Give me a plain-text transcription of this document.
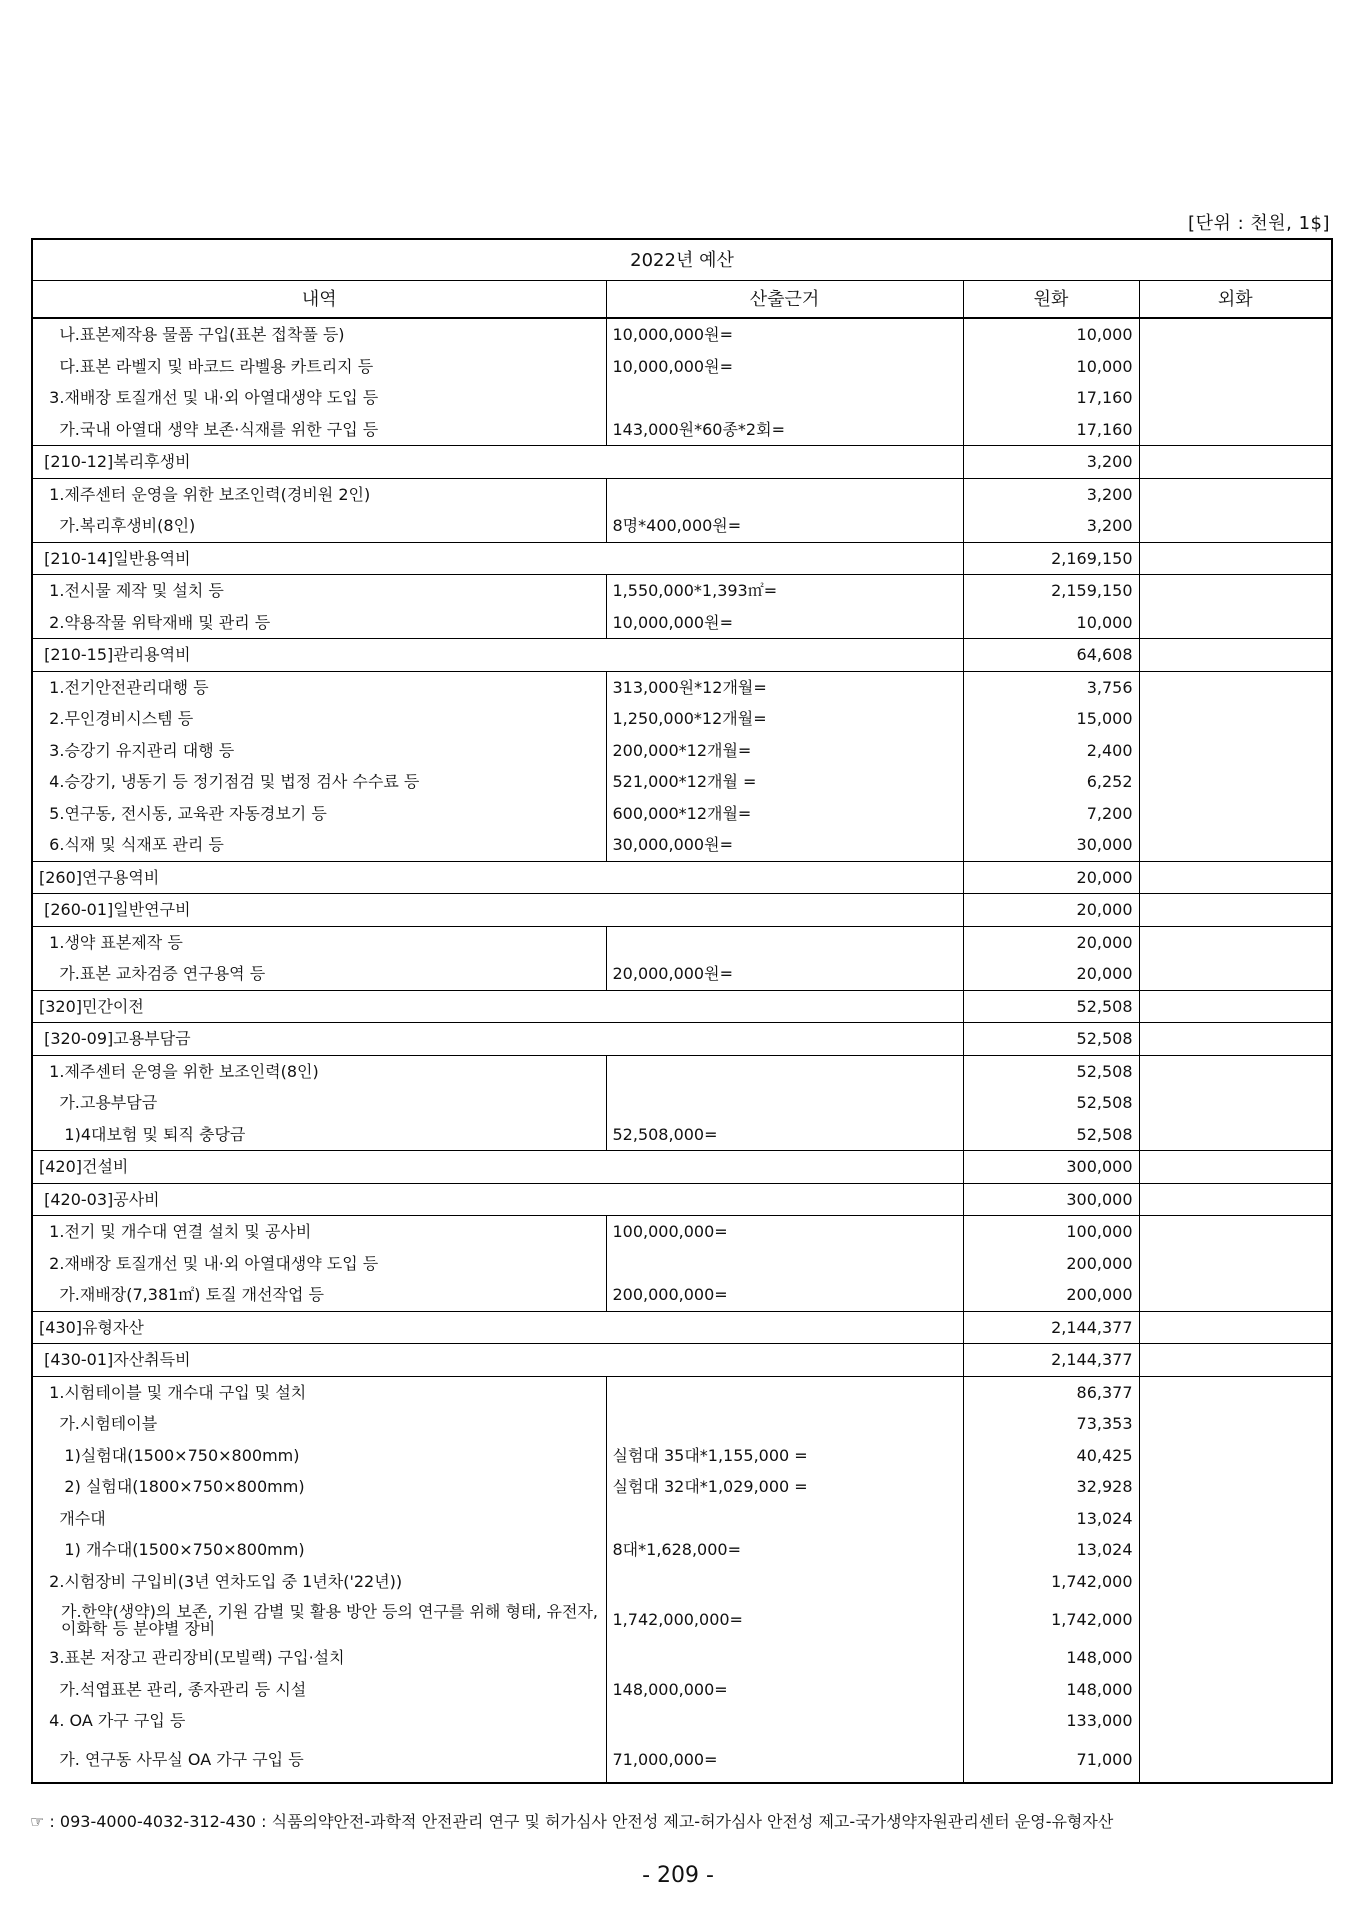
[단위 : 천원, 1$]
2022년 예산			
내역	산출근거	원화	외화
나.표본제작용 물품 구입(표본 접착풀 등)	10,000,000원=	10,000	
다.표본 라벨지 및 바코드 라벨용 카트리지 등	10,000,000원=	10,000	
3.재배장 토질개선 및 내·외 아열대생약 도입 등		17,160	
가.국내 아열대 생약 보존·식재를 위한 구입 등	143,000원*60종*2회=	17,160	
[210-12]복리후생비		3,200	
1.제주센터 운영을 위한 보조인력(경비원 2인)		3,200	
가.복리후생비(8인)	8명*400,000원=	3,200	
[210-14]일반용역비		2,169,150	
1.전시물 제작 및 설치 등	1,550,000*1,393㎡=	2,159,150	
2.약용작물 위탁재배 및 관리 등	10,000,000원=	10,000	
[210-15]관리용역비		64,608	
1.전기안전관리대행 등	313,000원*12개월=	3,756	
2.무인경비시스템 등	1,250,000*12개월=	15,000	
3.승강기 유지관리 대행 등	200,000*12개월=	2,400	
4.승강기, 냉동기 등 정기점검 및 법정 검사 수수료 등	521,000*12개월 =	6,252	
5.연구동, 전시동, 교육관 자동경보기 등	600,000*12개월=	7,200	
6.식재 및 식재포 관리 등	30,000,000원=	30,000	
[260]연구용역비		20,000	
[260-01]일반연구비		20,000	
1.생약 표본제작 등		20,000	
가.표본 교차검증 연구용역 등	20,000,000원=	20,000	
[320]민간이전		52,508	
[320-09]고용부담금		52,508	
1.제주센터 운영을 위한 보조인력(8인)		52,508	
가.고용부담금		52,508	
1)4대보험 및 퇴직 충당금	52,508,000=	52,508	
[420]건설비		300,000	
[420-03]공사비		300,000	
1.전기 및 개수대 연결 설치 및 공사비	100,000,000=	100,000	
2.재배장 토질개선 및 내·외 아열대생약 도입 등		200,000	
가.재배장(7,381㎡) 토질 개선작업 등	200,000,000=	200,000	
[430]유형자산		2,144,377	
[430-01]자산취득비		2,144,377	
1.시험테이블 및 개수대 구입 및 설치		86,377	
가.시험테이블		73,353	
1)실험대(1500×750×800mm)	실험대 35대*1,155,000 =	40,425	
2) 실험대(1800×750×800mm)	실험대 32대*1,029,000 =	32,928	
개수대		13,024	
1) 개수대(1500×750×800mm)	8대*1,628,000=	13,024	
2.시험장비 구입비(3년 연차도입 중 1년차('22년))		1,742,000	
가.한약(생약)의 보존, 기원 감별 및 활용 방안 등의 연구를 위해 형태, 유전자, 이화학 등 분야별 장비	1,742,000,000=	1,742,000	
3.표본 저장고 관리장비(모빌랙) 구입·설치		148,000	
가.석엽표본 관리, 종자관리 등 시설	148,000,000=	148,000	
4. OA 가구 구입 등		133,000	
가. 연구동 사무실 OA 가구 구입 등	71,000,000=	71,000	
☞ : 093-4000-4032-312-430 : 식품의약안전-과학적 안전관리 연구 및 허가심사 안전성 제고-허가심사 안전성 제고-국가생약자원관리센터 운영-유형자산
- 209 -
